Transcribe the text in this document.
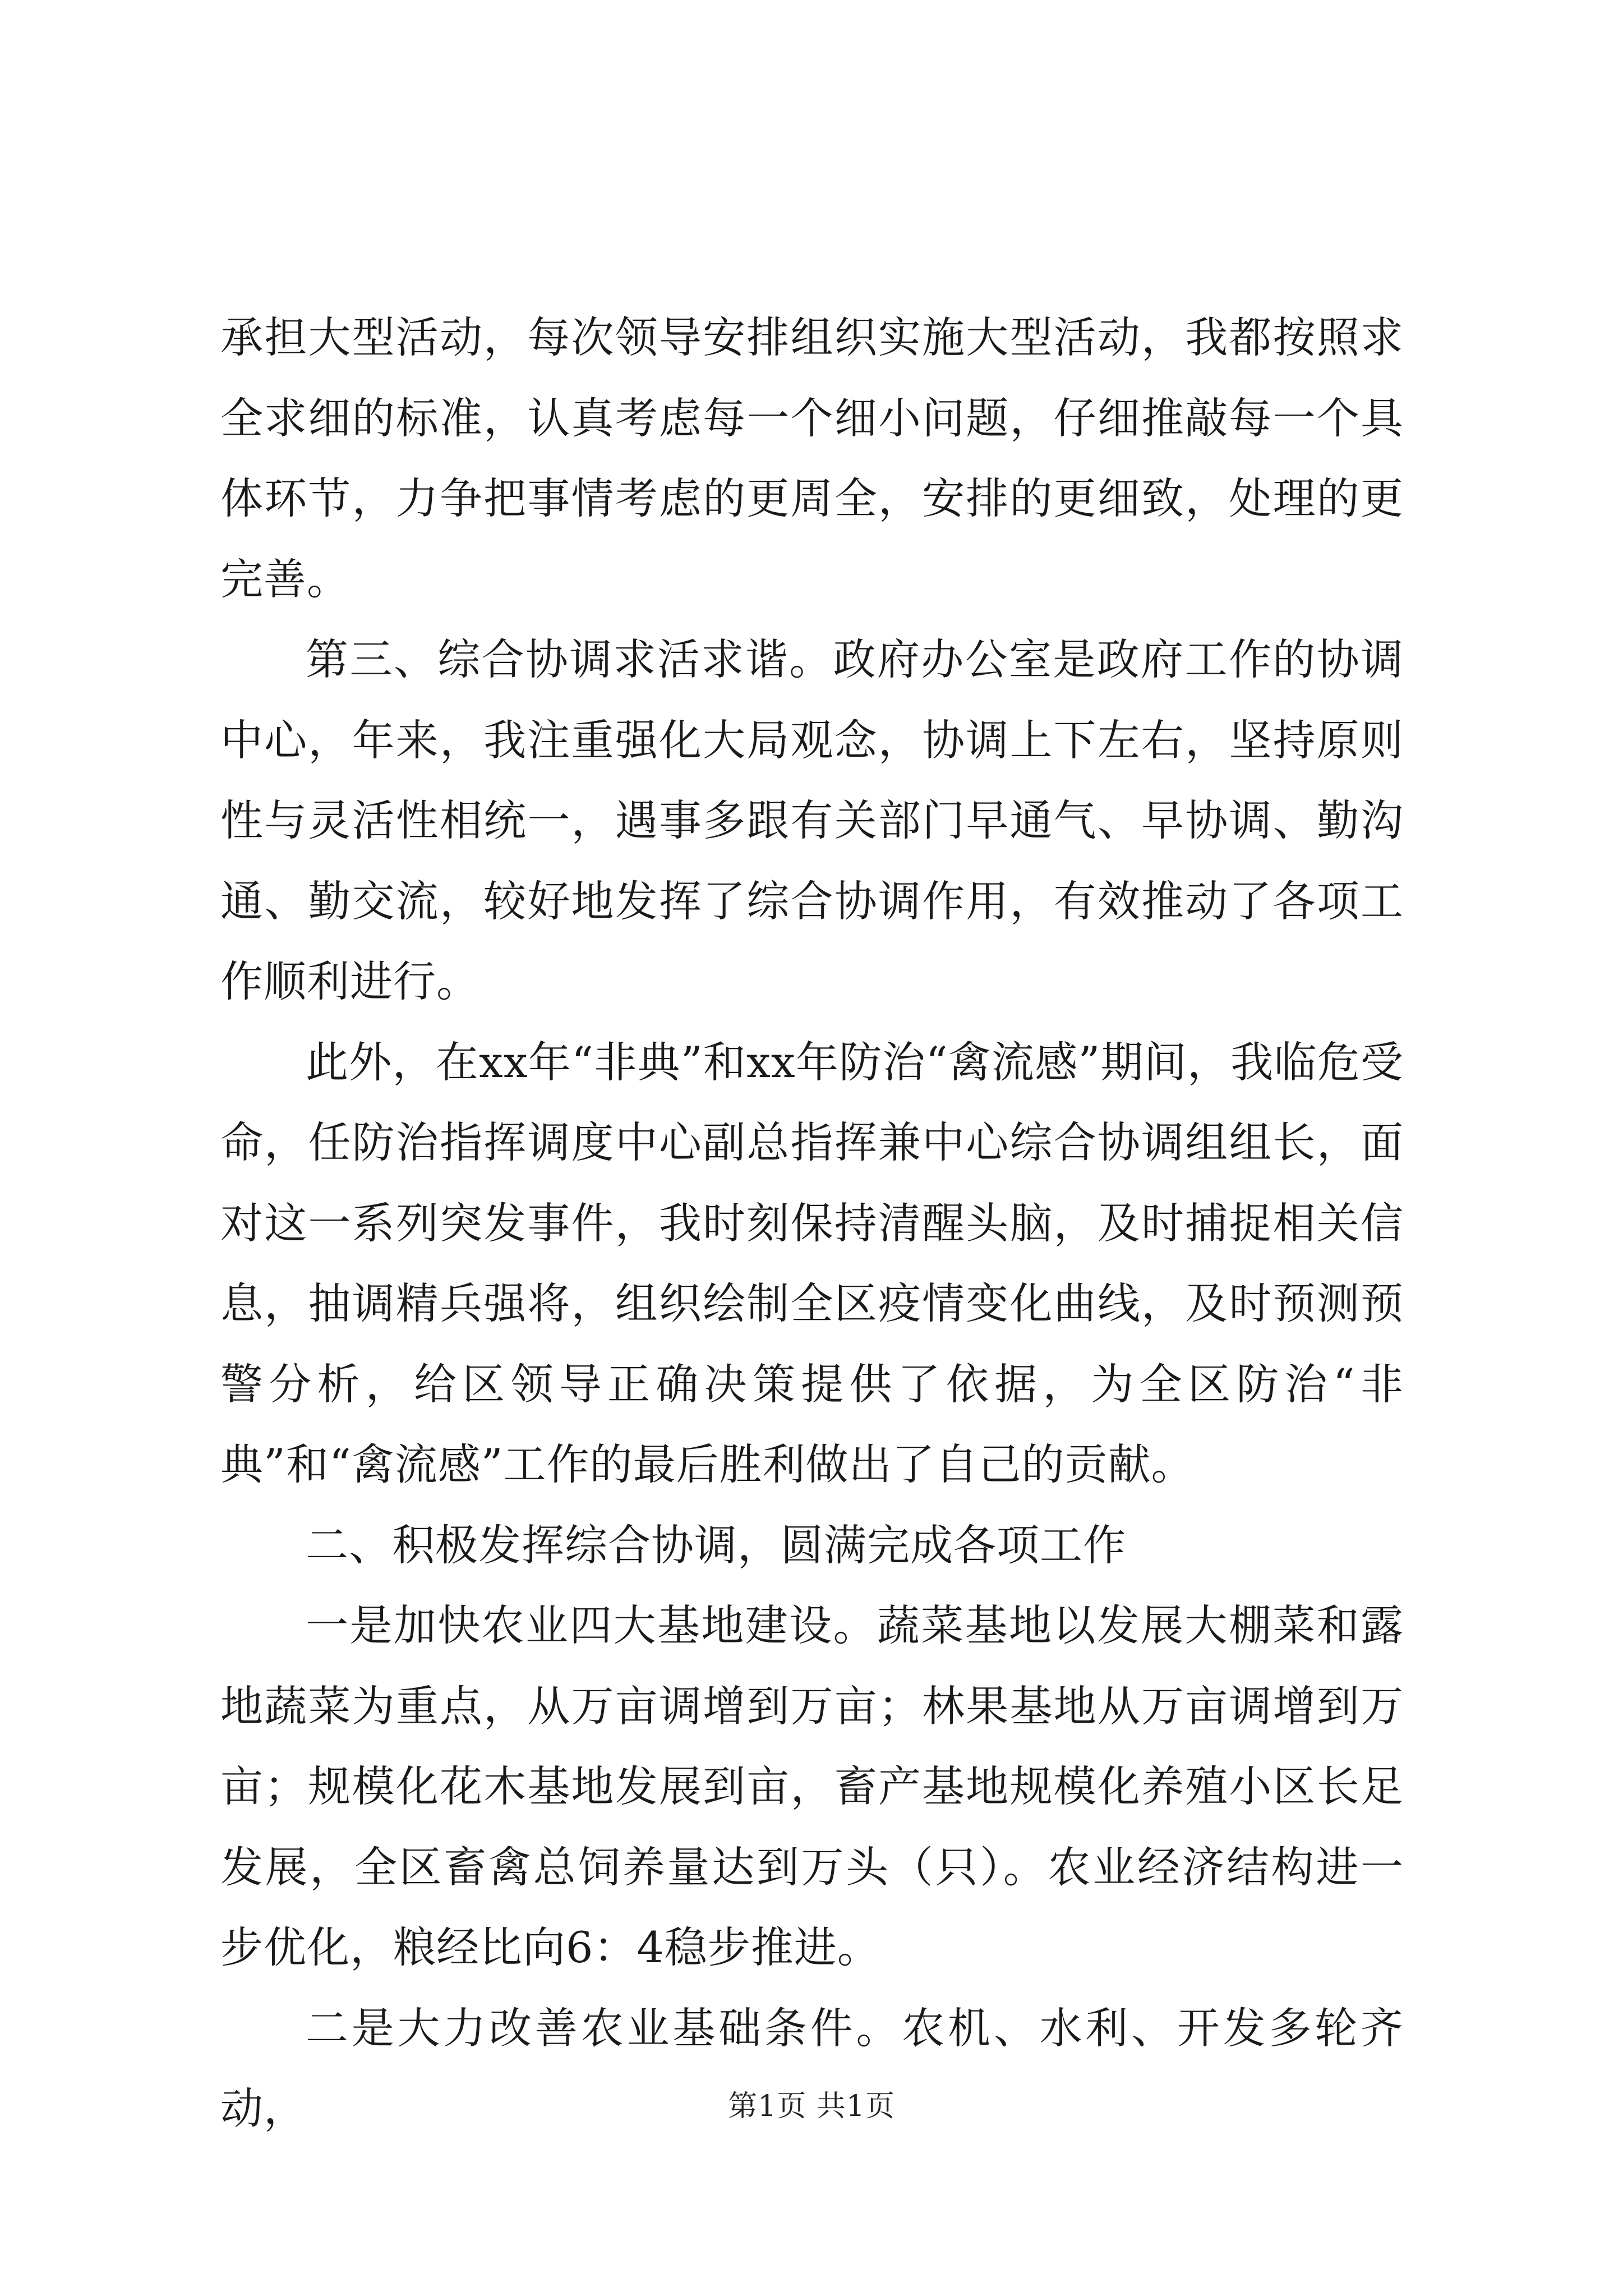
承担大型活动，每次领导安排组织实施大型活动，我都按照求全求细的标准，认真考虑每一个细小问题，仔细推敲每一个具体环节，力争把事情考虑的更周全，安排的更细致，处理的更完善。

第三、综合协调求活求谐。政府办公室是政府工作的协调中心，年来，我注重强化大局观念，协调上下左右，坚持原则性与灵活性相统一，遇事多跟有关部门早通气、早协调、勤沟通、勤交流，较好地发挥了综合协调作用，有效推动了各项工作顺利进行。

此外，在xx年“非典”和xx年防治“禽流感”期间，我临危受命，任防治指挥调度中心副总指挥兼中心综合协调组组长，面对这一系列突发事件，我时刻保持清醒头脑，及时捕捉相关信息，抽调精兵强将，组织绘制全区疫情变化曲线，及时预测预警分析，给区领导正确决策提供了依据，为全区防治“非典”和“禽流感”工作的最后胜利做出了自己的贡献。

二、积极发挥综合协调，圆满完成各项工作

一是加快农业四大基地建设。蔬菜基地以发展大棚菜和露地蔬菜为重点，从万亩调增到万亩；林果基地从万亩调增到万亩；规模化花木基地发展到亩，畜产基地规模化养殖小区长足发展，全区畜禽总饲养量达到万头（只）。农业经济结构进一步优化，粮经比向6：4稳步推进。

二是大力改善农业基础条件。农机、水利、开发多轮齐动，	第1页 共1页
